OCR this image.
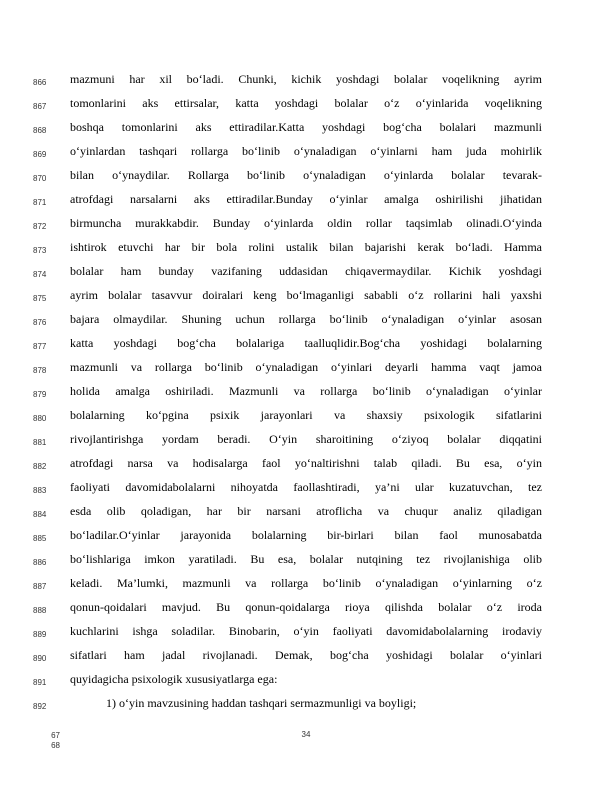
866
867
868
869
870
871
872
873
874
875
876
877
878
879
880
881
882
883
884
885
886
887
888
889
890
891
892
mazmuni har xil bo‘ladi. Chunki, kichik yoshdagi bolalar voqelikning ayrim
tomonlarini aks ettirsalar, katta yoshdagi bolalar o‘z o‘yinlarida voqelikning
boshqa tomonlarini aks ettiradilar.Katta yoshdagi bog‘cha bolalari mazmunli
o‘yinlardan tashqari rollarga bo‘linib o‘ynaladigan o‘yinlarni ham juda mohirlik
bilan o‘ynaydilar. Rollarga bo‘linib o‘ynaladigan o‘yinlarda bolalar tevarak-
atrofdagi narsalarni aks ettiradilar.Bunday o‘yinlar amalga oshirilishi jihatidan
birmuncha murakkabdir. Bunday o‘yinlarda oldin rollar taqsimlab olinadi.O‘yinda
ishtirok etuvchi har bir bola rolini ustalik bilan bajarishi kerak bo‘ladi. Hamma
bolalar ham bunday vazifaning uddasidan chiqavermaydilar. Kichik yoshdagi
ayrim bolalar tasavvur doiralari keng bo‘lmaganligi sababli o‘z rollarini hali yaxshi
bajara olmaydilar. Shuning uchun rollarga bo‘linib o‘ynaladigan o‘yinlar asosan
katta yoshdagi bog‘cha bolalariga taalluqlidir.Bog‘cha yoshidagi bolalarning
mazmunli va rollarga bo‘linib o‘ynaladigan o‘yinlari deyarli hamma vaqt jamoa
holida amalga oshiriladi. Mazmunli va rollarga bo‘linib o‘ynaladigan o‘yinlar
bolalarning ko‘pgina psixik jarayonlari va shaxsiy psixologik sifatlarini
rivojlantirishga yordam beradi. O‘yin sharoitining o‘ziyoq bolalar diqqatini
atrofdagi narsa va hodisalarga faol yo‘naltirishni talab qiladi. Bu esa, o‘yin
faoliyati davomidabolalarni nihoyatda faollashtiradi, ya’ni ular kuzatuvchan, tez
esda olib qoladigan, har bir narsani atroflicha va chuqur analiz qiladigan
bo‘ladilar.O‘yinlar jarayonida bolalarning bir-birlari bilan faol munosabatda
bo‘lishlariga imkon yaratiladi. Bu esa, bolalar nutqining tez rivojlanishiga olib
keladi. Ma’lumki, mazmunli va rollarga bo‘linib o‘ynaladigan o‘yinlarning o‘z
qonun-qoidalari mavjud. Bu qonun-qoidalarga rioya qilishda bolalar o‘z iroda
kuchlarini ishga soladilar. Binobarin, o‘yin faoliyati davomidabolalarning irodaviy
sifatlari ham jadal rivojlanadi. Demak, bog‘cha yoshidagi bolalar o‘yinlari
quyidagicha psixologik xususiyatlarga ega:
1) o‘yin mavzusining haddan tashqari sermazmunligi va boyligi;
34
67
68
